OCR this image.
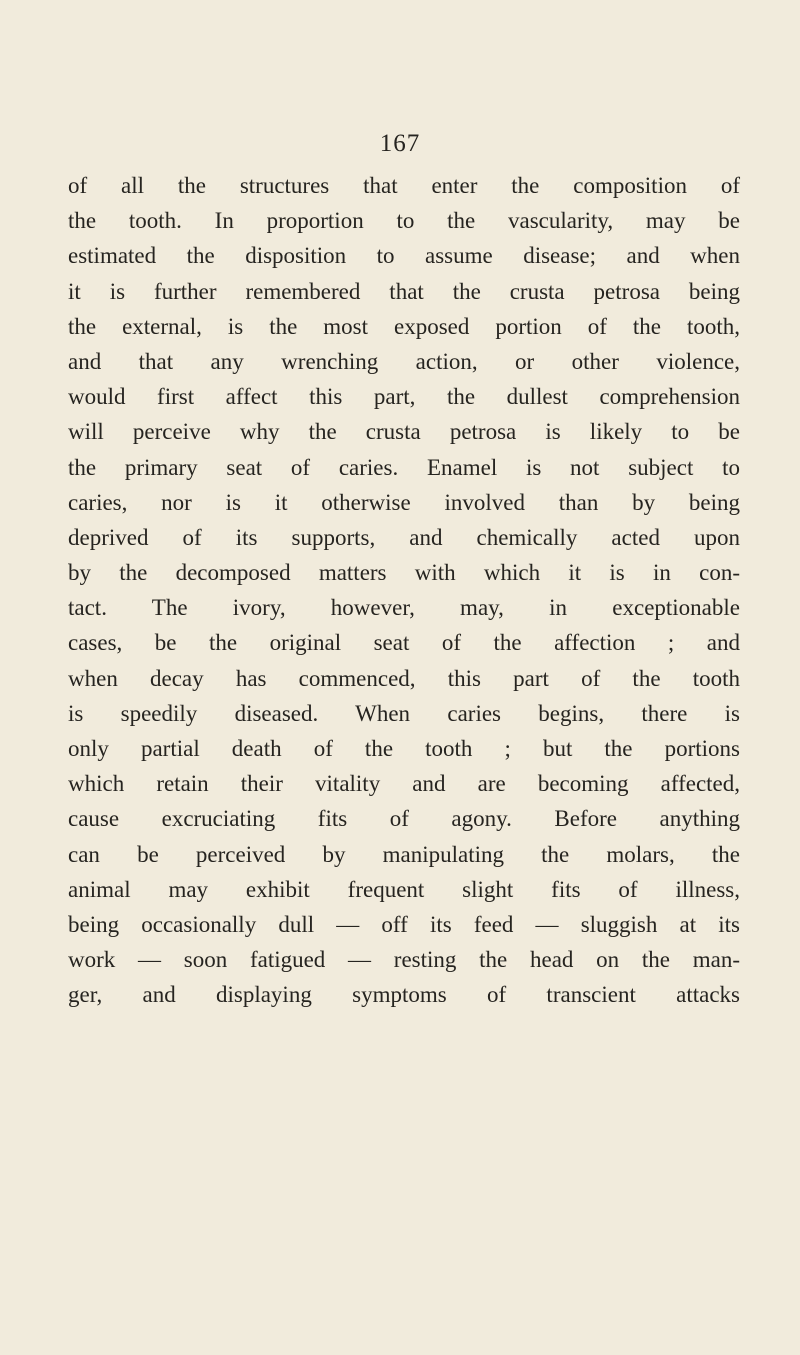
167
of all the structures that enter the composition of
the tooth. In proportion to the vascularity, may be
estimated the disposition to assume disease; and when
it is further remembered that the crusta petrosa being
the external, is the most exposed portion of the tooth,
and that any wrenching action, or other violence,
would first affect this part, the dullest comprehension
will perceive why the crusta petrosa is likely to be
the primary seat of caries. Enamel is not subject to
caries, nor is it otherwise involved than by being
deprived of its supports, and chemically acted upon
by the decomposed matters with which it is in con-
tact. The ivory, however, may, in exceptionable
cases, be the original seat of the affection ; and
when decay has commenced, this part of the tooth
is speedily diseased. When caries begins, there is
only partial death of the tooth ; but the portions
which retain their vitality and are becoming affected,
cause excruciating fits of agony. Before anything
can be perceived by manipulating the molars, the
animal may exhibit frequent slight fits of illness,
being occasionally dull — off its feed — sluggish at its
work — soon fatigued — resting the head on the man-
ger, and displaying symptoms of transcient attacks
